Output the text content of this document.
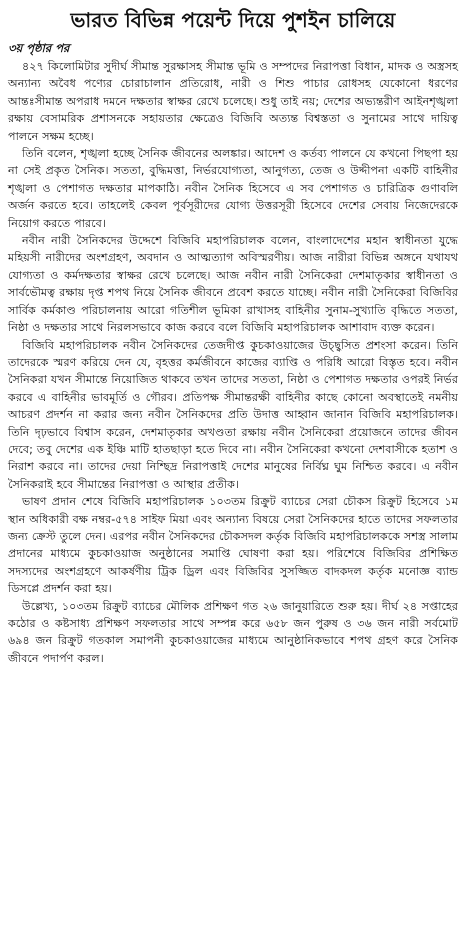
ভারত বিভিন্ন পয়েন্ট দিয়ে পুশইন চালিয়ে
৩য় পৃষ্ঠার পর

৪২৭ কিলোমিটার সুদীর্ঘ সীমান্ত সুরক্ষাসহ সীমান্ত ভূমি ও সম্পদের নিরাপত্তা বিধান, মাদক ও অস্ত্রসহ অন্যান্য অবৈধ পণ্যের চোরাচালান প্রতিরোধ, নারী ও শিশু পাচার রোধসহ যেকোনো ধরণের আন্তঃসীমান্ত অপরাধ দমনে দক্ষতার স্বাক্ষর রেখে চলেছে। শুধু তাই নয়; দেশের অভ্যন্তরীণ আইনশৃঙ্খলা রক্ষায় বেসামরিক প্রশাসনকে সহায়তার ক্ষেত্রেও বিজিবি অত্যন্ত বিশ্বস্ততা ও সুনামের সাথে দায়িত্ব পালনে সক্ষম হচ্ছে।

তিনি বলেন, শৃঙ্খলা হচ্ছে সৈনিক জীবনের অলঙ্কার। আদেশ ও কর্তব্য পালনে যে কখনো পিছপা হয় না সেই প্রকৃত সৈনিক। সততা, বুদ্ধিমত্তা, নির্ভরযোগ্যতা, আনুগত্য, তেজ ও উদ্দীপনা একটি বাহিনীর শৃঙ্খলা ও পেশাগত দক্ষতার মাপকাঠি। নবীন সৈনিক হিসেবে এ সব পেশাগত ও চারিত্রিক গুণাবলি অর্জন করতে হবে। তাহলেই কেবল পূর্বসূরীদের যোগ্য উত্তরসূরী হিসেবে দেশের সেবায় নিজেদেরকে নিয়োগ করতে পারবে।

নবীন নারী সৈনিকদের উদ্দেশে বিজিবি মহাপরিচালক বলেন, বাংলাদেশের মহান স্বাধীনতা যুদ্ধে মহিয়সী নারীদের অংশগ্রহণ, অবদান ও আত্মত্যাগ অবিস্মরণীয়। আজ নারীরা বিভিন্ন অঙ্গনে যথাযথ যোগ্যতা ও কর্মদক্ষতার স্বাক্ষর রেখে চলেছে। আজ নবীন নারী সৈনিকেরা দেশমাতৃকার স্বাধীনতা ও সার্বভৌমত্ব রক্ষায় দৃপ্ত শপথ নিয়ে সৈনিক জীবনে প্রবেশ করতে যাচ্ছে। নবীন নারী সৈনিকেরা বিজিবির সার্বিক কর্মকাণ্ড পরিচালনায় আরো গতিশীল ভূমিকা রাখাসহ বাহিনীর সুনাম-সুখ্যাতি বৃদ্ধিতে সততা, নিষ্ঠা ও দক্ষতার সাথে নিরলসভাবে কাজ করবে বলে বিজিবি মহাপরিচালক আশাবাদ ব্যক্ত করেন।

বিজিবি মহাপরিচালক নবীন সৈনিকদের তেজদীপ্ত কুচকাওয়াজের উচ্ছ্বসিত প্রশংসা করেন। তিনি তাদেরকে স্মরণ করিয়ে দেন যে, বৃহত্তর কর্মজীবনে কাজের ব্যাপ্তি ও পরিধি আরো বিস্তৃত হবে। নবীন সৈনিকরা যখন সীমান্তে নিয়োজিত থাকবে তখন তাদের সততা, নিষ্ঠা ও পেশাগত দক্ষতার ওপরই নির্ভর করবে এ বাহিনীর ভাবমূর্তি ও গৌরব। প্রতিপক্ষ সীমান্তরক্ষী বাহিনীর কাছে কোনো অবস্থাতেই নমনীয় আচরণ প্রদর্শন না করার জন্য নবীন সৈনিকদের প্রতি উদাত্ত আহ্বান জানান বিজিবি মহাপরিচালক। তিনি দৃঢ়ভাবে বিশ্বাস করেন, দেশমাতৃকার অখণ্ডতা রক্ষায় নবীন সৈনিকেরা প্রয়োজনে তাদের জীবন দেবে; তবু দেশের এক ইঞ্চি মাটি হাতছাড়া হতে দিবে না। নবীন সৈনিকেরা কখনো দেশবাসীকে হতাশ ও নিরাশ করবে না। তাদের দেয়া নিশ্ছিদ্র নিরাপত্তাই দেশের মানুষের নির্বিঘ্ন ঘুম নিশ্চিত করবে। এ নবীন সৈনিকরাই হবে সীমান্তের নিরাপত্তা ও আস্থার প্রতীক।

ভাষণ প্রদান শেষে বিজিবি মহাপরিচালক ১০৩তম রিক্রুট ব্যাচের সেরা চৌকস রিক্রুট হিসেবে ১ম স্থান অধিকারী বক্ষ নম্বর-৫৭৪ সাইফ মিয়া এবং অন্যান্য বিষয়ে সেরা সৈনিকদের হাতে তাদের সফলতার জন্য ক্রেস্ট তুলে দেন। এরপর নবীন সৈনিকদের চৌকসদল কর্তৃক বিজিবি মহাপরিচালককে সশস্ত্র সালাম প্রদানের মাধ্যমে কুচকাওয়াজ অনুষ্ঠানের সমাপ্তি ঘোষণা করা হয়। পরিশেষে বিজিবির প্রশিক্ষিত সদস্যদের অংশগ্রহণে আকর্ষণীয় ট্রিক ড্রিল এবং বিজিবির সুসজ্জিত বাদকদল কর্তৃক মনোজ্ঞ ব্যান্ড ডিসপ্লে প্রদর্শন করা হয়।

উল্লেখ্য, ১০৩তম রিক্রুট ব্যাচের মৌলিক প্রশিক্ষণ গত ২৬ জানুয়ারিতে শুরু হয়। দীর্ঘ ২৪ সপ্তাহের কঠোর ও কষ্টসাধ্য প্রশিক্ষণ সফলতার সাথে সম্পন্ন করে ৬৫৮ জন পুরুষ ও ৩৬ জন নারী সর্বমোট ৬৯৪ জন রিক্রুট গতকাল সমাপনী কুচকাওয়াজের মাধ্যমে আনুষ্ঠানিকভাবে শপথ গ্রহণ করে সৈনিক জীবনে পদার্পণ করল।
